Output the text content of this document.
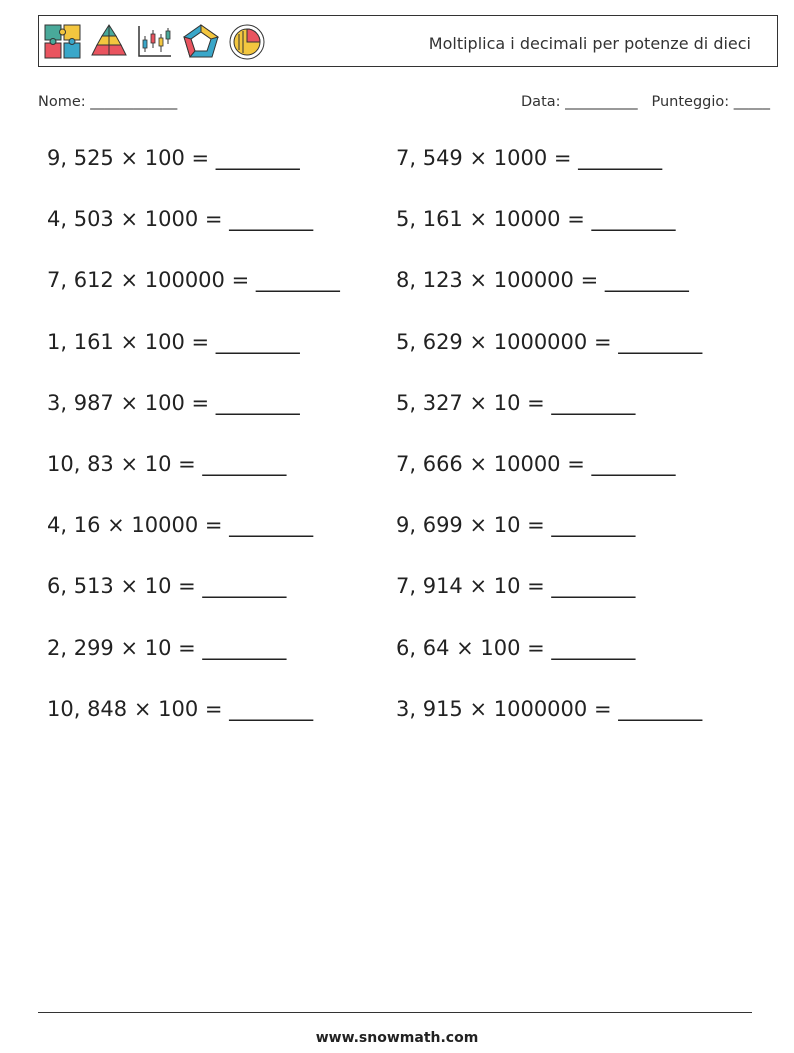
Moltiplica i decimali per potenze di dieci
Nome: ____________	Data: __________ Punteggio: _____
9, 525 × 100 = ________	7, 549 × 1000 = ________
4, 503 × 1000 = ________	5, 161 × 10000 = ________
7, 612 × 100000 = ________	8, 123 × 100000 = ________
1, 161 × 100 = ________	5, 629 × 1000000 = ________
3, 987 × 100 = ________	5, 327 × 10 = ________
10, 83 × 10 = ________	7, 666 × 10000 = ________
4, 16 × 10000 = ________	9, 699 × 10 = ________
6, 513 × 10 = ________	7, 914 × 10 = ________
2, 299 × 10 = ________	6, 64 × 100 = ________
10, 848 × 100 = ________	3, 915 × 1000000 = ________
www.snowmath.com
